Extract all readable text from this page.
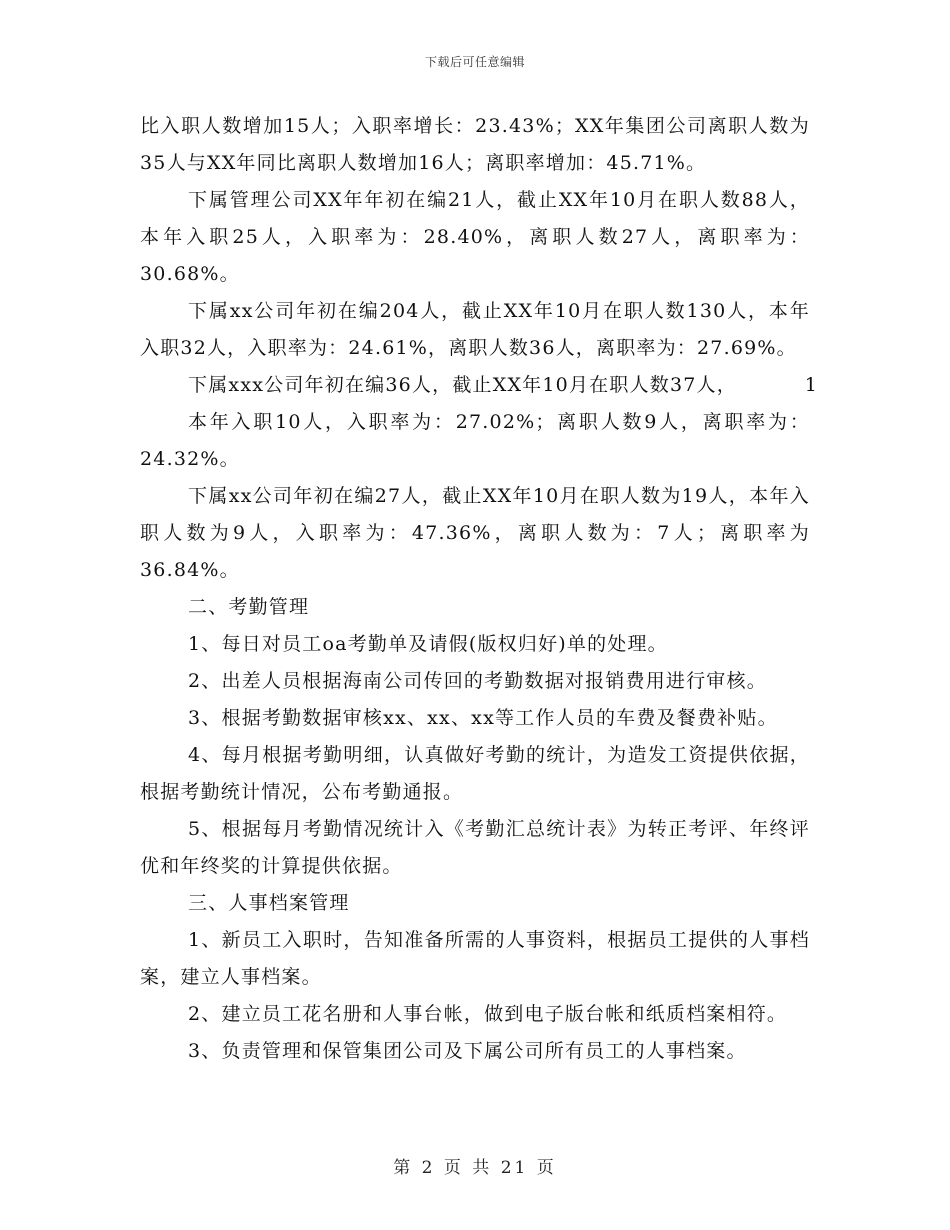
下载后可任意编辑

比入职人数增加15人；入职率增长：23.43%；XX年集团公司离职人数为35人与XX年同比离职人数增加16人；离职率增加：45.71%。

下属管理公司XX年年初在编21人，截止XX年10月在职人数88人，本年入职25人，入职率为：28.40%，离职人数27人，离职率为：30.68%。

下属xx公司年初在编204人，截止XX年10月在职人数130人，本年入职32人，入职率为：24.61%，离职人数36人，离职率为：27.69%。

下属xxx公司年初在编36人，截止XX年10月在职人数37人，	1

本年入职10人，入职率为：27.02%；离职人数9人，离职率为：24.32%。

下属xx公司年初在编27人，截止XX年10月在职人数为19人，本年入职人数为9人，入职率为：47.36%，离职人数为：7人；离职率为36.84%。

二、考勤管理

1、每日对员工oa考勤单及请假(版权归好)单的处理。

2、出差人员根据海南公司传回的考勤数据对报销费用进行审核。

3、根据考勤数据审核xx、xx、xx等工作人员的车费及餐费补贴。

4、每月根据考勤明细，认真做好考勤的统计，为造发工资提供依据，根据考勤统计情况，公布考勤通报。

5、根据每月考勤情况统计入《考勤汇总统计表》为转正考评、年终评优和年终奖的计算提供依据。

三、人事档案管理

1、新员工入职时，告知准备所需的人事资料，根据员工提供的人事档案，建立人事档案。

2、建立员工花名册和人事台帐，做到电子版台帐和纸质档案相符。

3、负责管理和保管集团公司及下属公司所有员工的人事档案。

第 2 页 共 21 页
